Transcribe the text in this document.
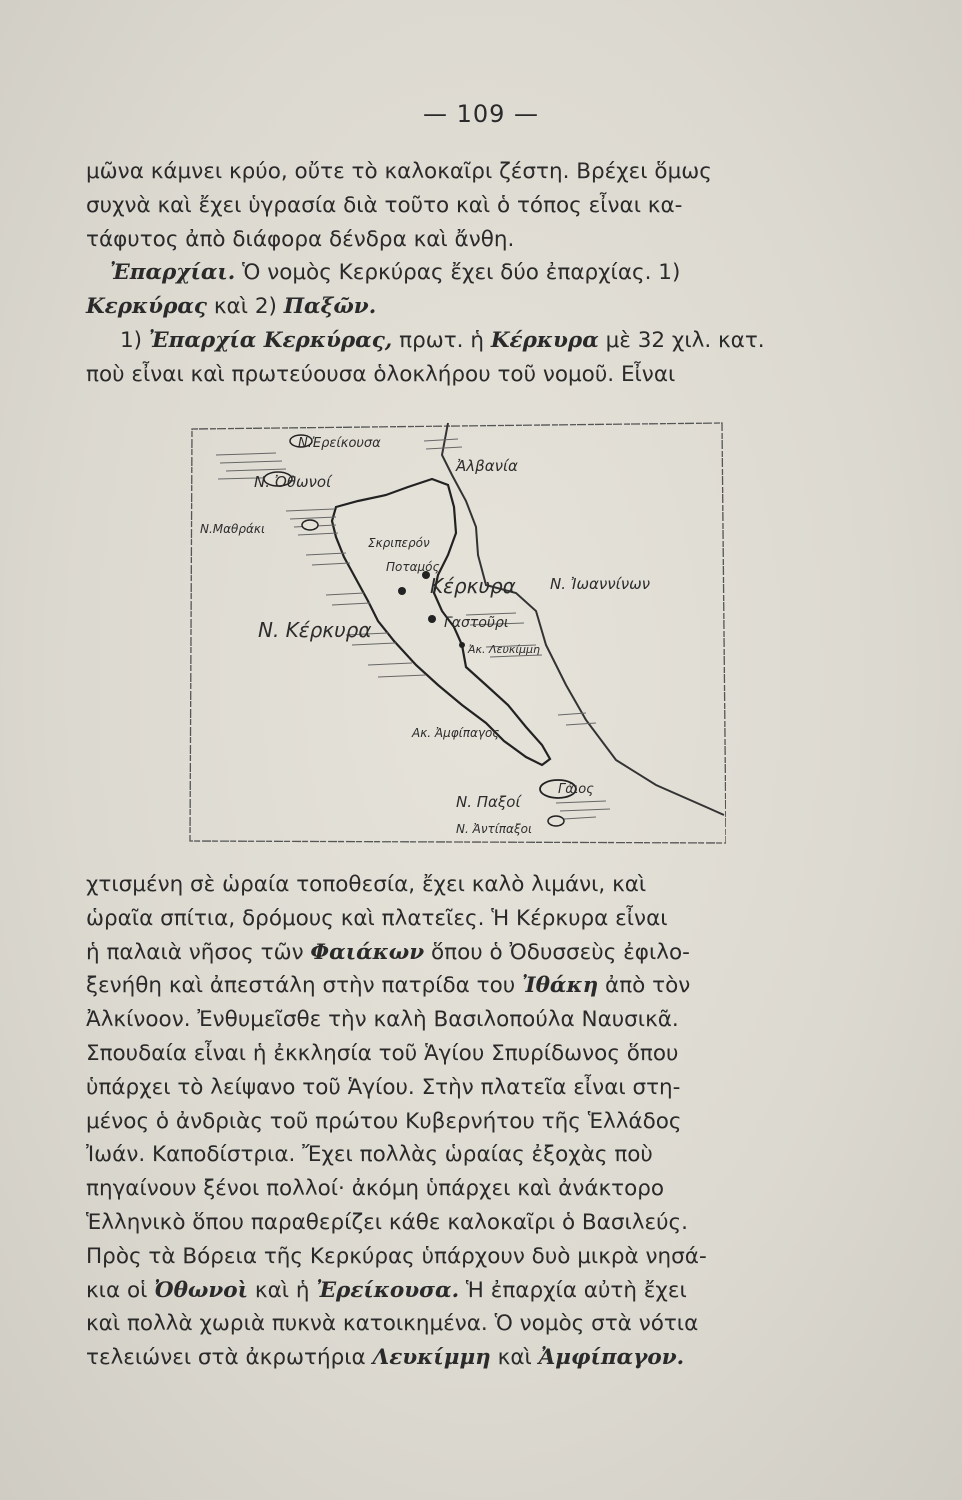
— 109 —
μῶνα κάμνει κρύο, οὔτε τὸ καλοκαῖρι ζέστη. Βρέχει ὅμως
συχνὰ καὶ ἔχει ὑγρασία διὰ τοῦτο καὶ ὁ τόπος εἶναι κα-
τάφυτος ἀπὸ διάφορα δένδρα καὶ ἄνθη.
Ἐπαρχίαι. Ὁ νομὸς Κερκύρας ἔχει δύο ἐπαρχίας. 1)
Κερκύρας καὶ 2) Παξῶν.
1) Ἐπαρχία Κερκύρας, πρωτ. ἡ Κέρκυρα μὲ 32 χιλ. κατ.
ποὺ εἶναι καὶ πρωτεύουσα ὁλοκλήρου τοῦ νομοῦ. Εἶναι
Ν.Ἐρείκουσα
Ν. Ὀθωνοί
Ἀλβανία
Ν.Μαθράκι
Σκριπερόν
Ποταμός
Κέρκυρα Ν. Ἰωαννίνων
Ν. Κέρκυρα	Γαστοῦρι
Ἀκ. Λευκίμμη
Ακ. Ἀμφίπαγος
Ν. Παξοί
Γάιος
Ν. Ἀντίπαξοι
χτισμένη σὲ ὡραία τοποθεσία, ἔχει καλὸ λιμάνι, καὶ
ὡραῖα σπίτια, δρόμους καὶ πλατεῖες. Ἡ Κέρκυρα εἶναι
ἡ παλαιὰ νῆσος τῶν Φαιάκων ὅπου ὁ Ὀδυσσεὺς ἐφιλο-
ξενήθη καὶ ἀπεστάλη στὴν πατρίδα του Ἰθάκη ἀπὸ τὸν
Ἀλκίνοον. Ἐνθυμεῖσθε τὴν καλὴ Βασιλοπούλα Ναυσικᾶ.
Σπουδαία εἶναι ἡ ἐκκλησία τοῦ Ἁγίου Σπυρίδωνος ὅπου
ὑπάρχει τὸ λείψανο τοῦ Ἁγίου. Στὴν πλατεῖα εἶναι στη-
μένος ὁ ἀνδριὰς τοῦ πρώτου Κυβερνήτου τῆς Ἑλλάδος
Ἰωάν. Καποδίστρια. Ἔχει πολλὰς ὡραίας ἐξοχὰς ποὺ
πηγαίνουν ξένοι πολλοί· ἀκόμη ὑπάρχει καὶ ἀνάκτορο
Ἑλληνικὸ ὅπου παραθερίζει κάθε καλοκαῖρι ὁ Βασιλεύς.
Πρὸς τὰ Βόρεια τῆς Κερκύρας ὑπάρχουν δυὸ μικρὰ νησά-
κια οἱ Ὀθωνοὶ καὶ ἡ Ἐρείκουσα. Ἡ ἐπαρχία αὐτὴ ἔχει
καὶ πολλὰ χωριὰ πυκνὰ κατοικημένα. Ὁ νομὸς στὰ νότια
τελειώνει στὰ ἀκρωτήρια Λευκίμμη καὶ Ἀμφίπαγον.
